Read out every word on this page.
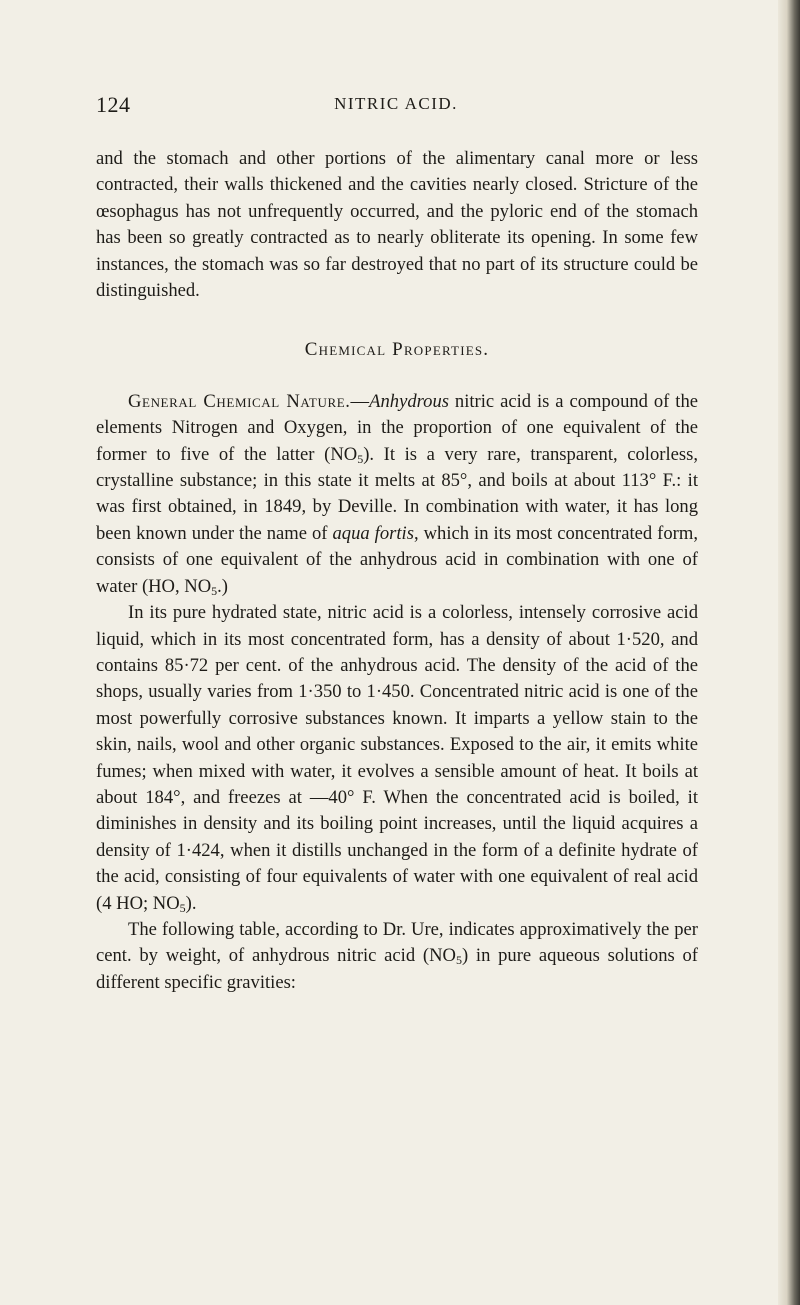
124	NITRIC ACID.

and the stomach and other portions of the alimentary canal more or less contracted, their walls thickened and the cavities nearly closed. Stricture of the œsophagus has not unfrequently occurred, and the pyloric end of the stomach has been so greatly contracted as to nearly obliterate its opening. In some few instances, the stomach was so far destroyed that no part of its structure could be distinguished.

Chemical Properties.

General Chemical Nature.—Anhydrous nitric acid is a compound of the elements Nitrogen and Oxygen, in the proportion of one equivalent of the former to five of the latter $(NO_5)$. It is a very rare, transparent, colorless, crystalline substance; in this state it melts at 85°, and boils at about 113° F.: it was first obtained, in 1849, by Deville. In combination with water, it has long been known under the name of aqua fortis, which in its most concentrated form, consists of one equivalent of the anhydrous acid in combination with one of water (HO, $NO_5$.)

In its pure hydrated state, nitric acid is a colorless, intensely corrosive acid liquid, which in its most concentrated form, has a density of about 1·520, and contains 85·72 per cent. of the anhydrous acid. The density of the acid of the shops, usually varies from 1·350 to 1·450. Concentrated nitric acid is one of the most powerfully corrosive substances known. It imparts a yellow stain to the skin, nails, wool and other organic substances. Exposed to the air, it emits white fumes; when mixed with water, it evolves a sensible amount of heat. It boils at about 184°, and freezes at —40° F. When the concentrated acid is boiled, it diminishes in density and its boiling point increases, until the liquid acquires a density of 1·424, when it distills unchanged in the form of a definite hydrate of the acid, consisting of four equivalents of water with one equivalent of real acid (4 HO; $NO_5$).

The following table, according to Dr. Ure, indicates approximatively the per cent. by weight, of anhydrous nitric acid $(NO_5)$ in pure aqueous solutions of different specific gravities:
